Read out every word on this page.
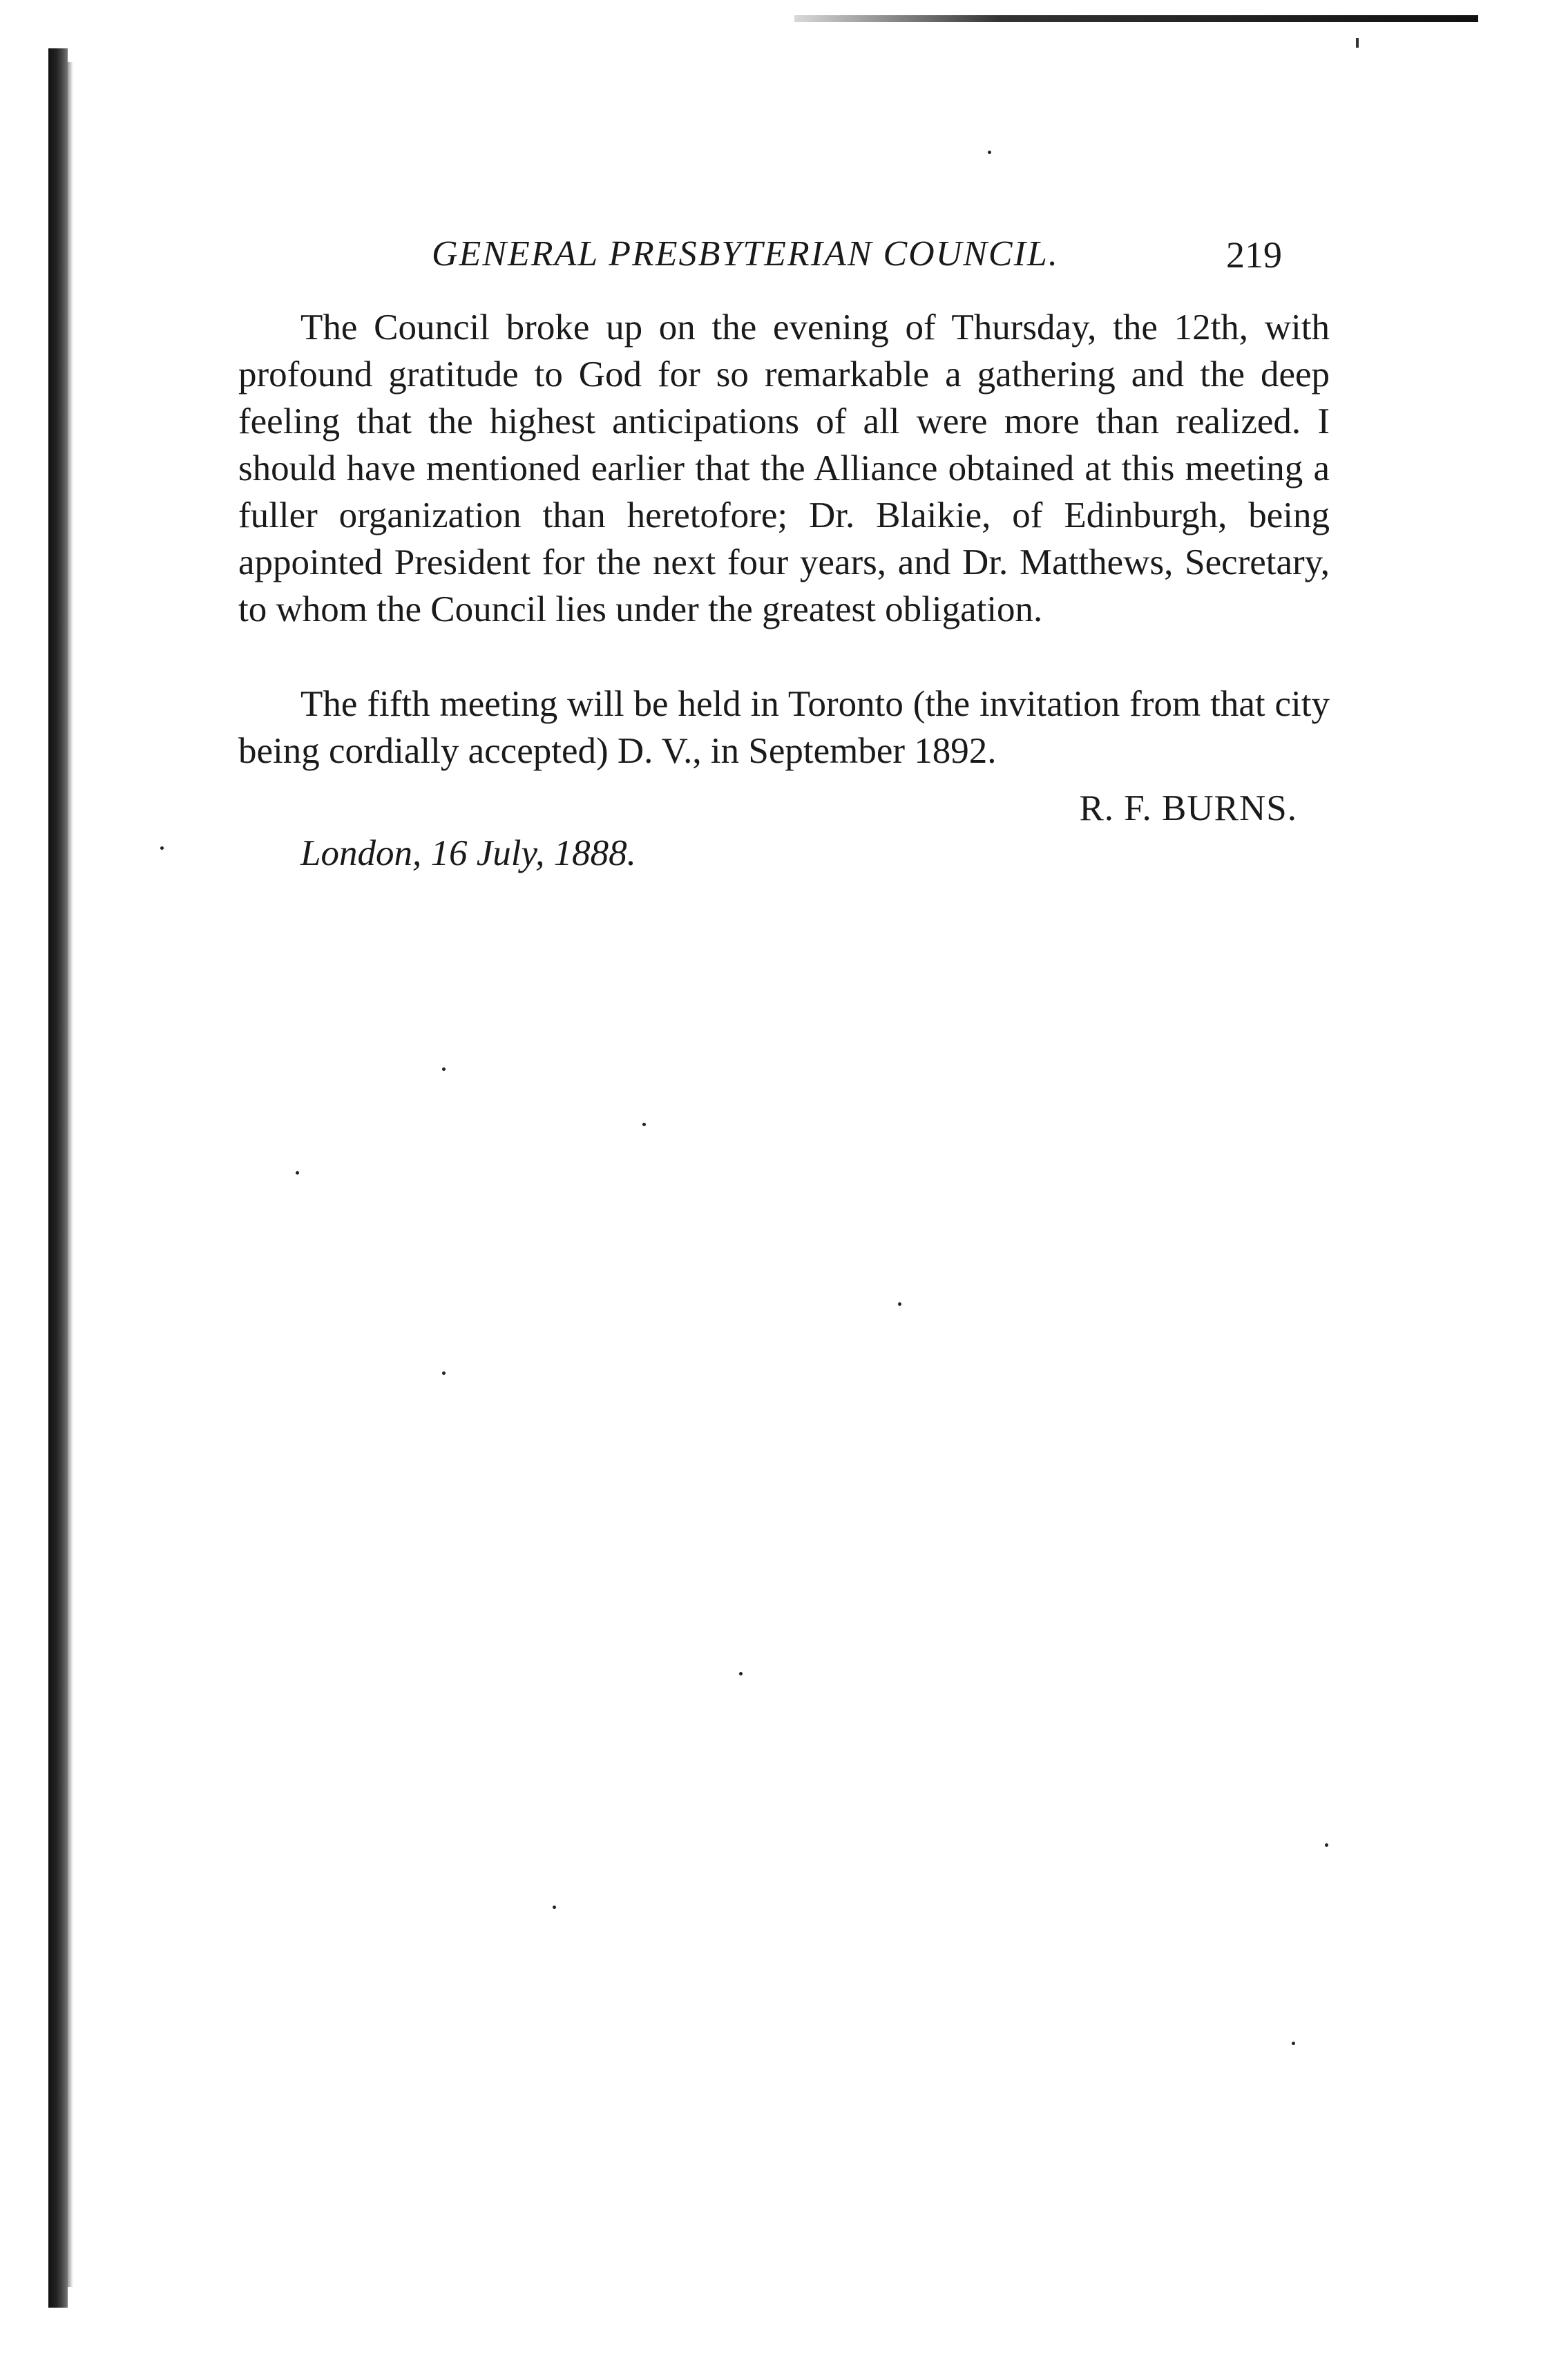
GENERAL PRESBYTERIAN COUNCIL.	219

The Council broke up on the evening of Thursday, the 12th, with profound gratitude to God for so remarkable a gathering and the deep feeling that the highest anticipations of all were more than realized. I should have mentioned earlier that the Alliance obtained at this meeting a fuller organization than heretofore; Dr. Blaikie, of Edinburgh, being appointed President for the next four years, and Dr. Matthews, Secretary, to whom the Council lies under the greatest obligation.

The fifth meeting will be held in Toronto (the invitation from that city being cordially accepted) D. V., in September 1892.

R. F. BURNS.
London, 16 July, 1888.
